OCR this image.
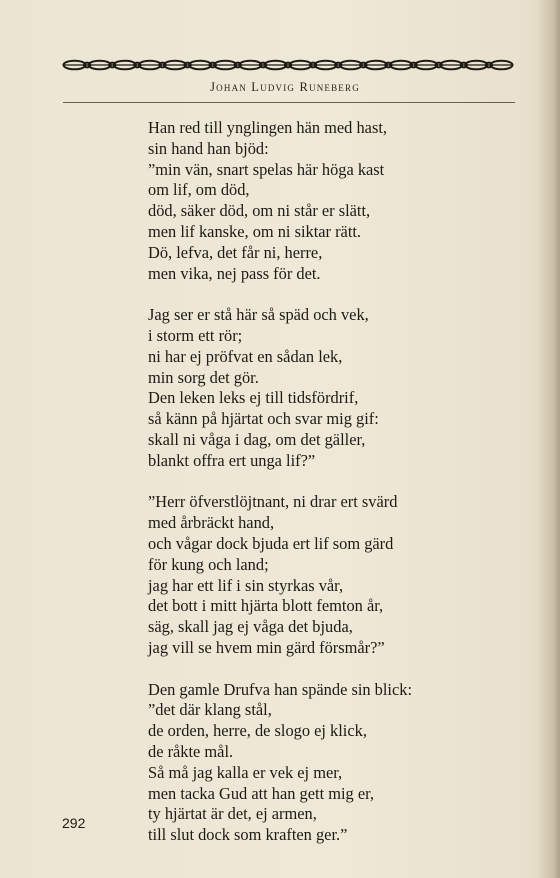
Johan Ludvig Runeberg
Han red till ynglingen hän med hast,
sin hand han bjöd:
”min vän, snart spelas här höga kast
om lif, om död,
död, säker död, om ni står er slätt,
men lif kanske, om ni siktar rätt.
Dö, lefva, det får ni, herre,
men vika, nej pass för det.
Jag ser er stå här så späd och vek,
i storm ett rör;
ni har ej pröfvat en sådan lek,
min sorg det gör.
Den leken leks ej till tidsfördrif,
så känn på hjärtat och svar mig gif:
skall ni våga i dag, om det gäller,
blankt offra ert unga lif?”
”Herr öfverstlöjtnant, ni drar ert svärd
med årbräckt hand,
och vågar dock bjuda ert lif som gärd
för kung och land;
jag har ett lif i sin styrkas vår,
det bott i mitt hjärta blott femton år,
säg, skall jag ej våga det bjuda,
jag vill se hvem min gärd försmår?”
Den gamle Drufva han spände sin blick:
”det där klang stål,
de orden, herre, de slogo ej klick,
de råkte mål.
Så må jag kalla er vek ej mer,
men tacka Gud att han gett mig er,
ty hjärtat är det, ej armen,
till slut dock som kraften ger.”
292
